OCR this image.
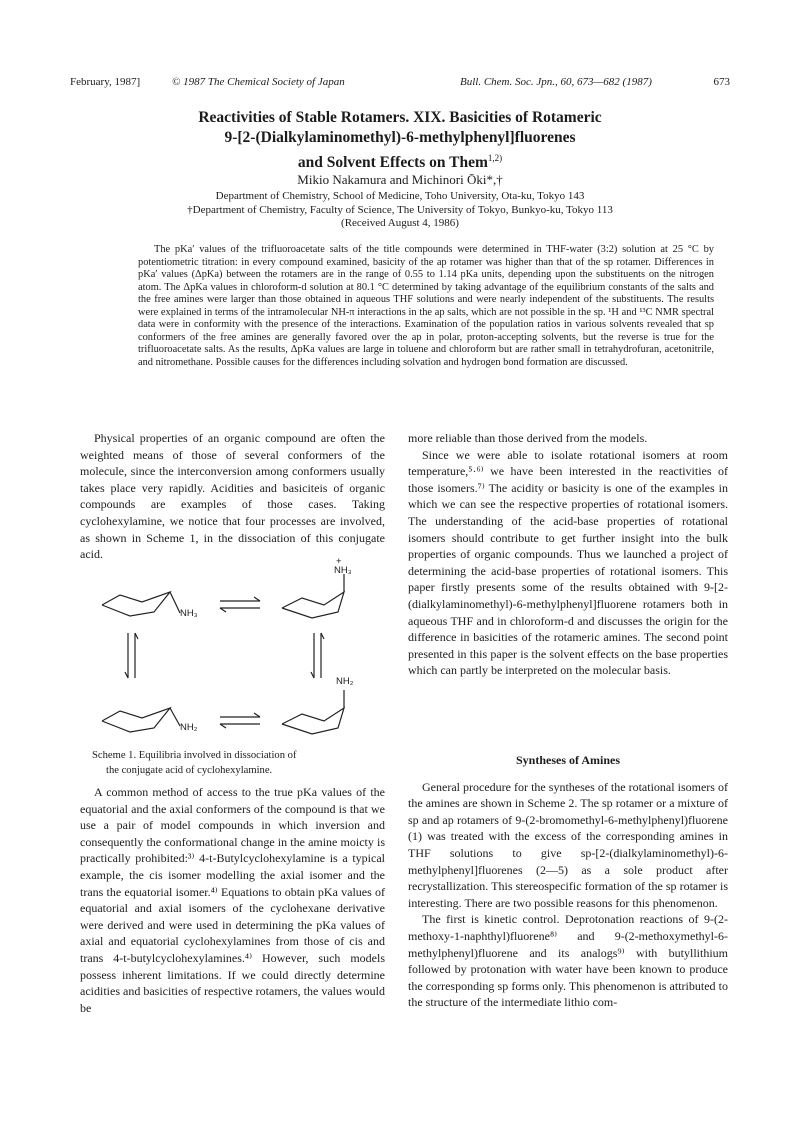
February, 1987]	© 1987 The Chemical Society of Japan	Bull. Chem. Soc. Jpn., 60, 673—682 (1987)	673
Reactivities of Stable Rotamers. XIX. Basicities of Rotameric
9-[2-(Dialkylaminomethyl)-6-methylphenyl]fluorenes
and Solvent Effects on Them$^{1,2)}$
Mikio Nakamura and Michinori Ōki*,†
Department of Chemistry, School of Medicine, Toho University, Ota-ku, Tokyo 143
†Department of Chemistry, Faculty of Science, The University of Tokyo, Bunkyo-ku, Tokyo 113
(Received August 4, 1986)
The pKa′ values of the trifluoroacetate salts of the title compounds were determined in THF-water (3:2) solution at 25 °C by potentiometric titration: in every compound examined, basicity of the ap rotamer was higher than that of the sp rotamer. Differences in pKa′ values (ΔpKa) between the rotamers are in the range of 0.55 to 1.14 pKa units, depending upon the substituents on the nitrogen atom. The ΔpKa values in chloroform-d solution at 80.1 °C determined by taking advantage of the equilibrium constants of the salts and the free amines were larger than those obtained in aqueous THF solutions and were nearly independent of the substituents. The results were explained in terms of the intramolecular NH-π interactions in the ap salts, which are not possible in the sp. ¹H and ¹³C NMR spectral data were in conformity with the presence of the interactions. Examination of the population ratios in various solvents revealed that sp conformers of the free amines are generally favored over the ap in polar, proton-accepting solvents, but the reverse is true for the trifluoroacetate salts. As the results, ΔpKa values are large in toluene and chloroform but are rather small in tetrahydrofuran, acetonitrile, and nitromethane. Possible causes for the differences including solvation and hydrogen bond formation are discussed.

Physical properties of an organic compound are often the weighted means of those of several conformers of the molecule, since the interconversion among conformers usually takes place very rapidly. Acidities and basiciteis of organic compounds are examples of those cases. Taking cyclohexylamine, we notice that four processes are involved, as shown in Scheme 1, in the dissociation of this conjugate acid.

NH₃
+
NH₃
NH₂
NH₂
Scheme 1. Equilibria involved in dissociation of
the conjugate acid of cyclohexylamine.

A common method of access to the true pKa values of the equatorial and the axial conformers of the compound is that we use a pair of model compounds in which inversion and consequently the conformational change in the amine moicty is practically prohibited:³⁾ 4-t-Butylcyclohexylamine is a typical example, the cis isomer modelling the axial isomer and the trans the equatorial isomer.⁴⁾ Equations to obtain pKa values of equatorial and axial isomers of the cyclohexane derivative were derived and were used in determining the pKa values of axial and equatorial cyclohexylamines from those of cis and trans 4-t-butylcyclohexylamines.⁴⁾ However, such models possess inherent limitations. If we could directly determine acidities and basicities of respective rotamers, the values would be

more reliable than those derived from the models.

Since we were able to isolate rotational isomers at room temperature,⁵·⁶⁾ we have been interested in the reactivities of those isomers.⁷⁾ The acidity or basicity is one of the examples in which we can see the respective properties of rotational isomers. The understanding of the acid-base properties of rotational isomers should contribute to get further insight into the bulk properties of organic compounds. Thus we launched a project of determining the acid-base properties of rotational isomers. This paper firstly presents some of the results obtained with 9-[2-(dialkylaminomethyl)-6-methylphenyl]fluorene rotamers both in aqueous THF and in chloroform-d and discusses the origin for the difference in basicities of the rotameric amines. The second point presented in this paper is the solvent effects on the base properties which can partly be interpreted on the molecular basis.

Syntheses of Amines

General procedure for the syntheses of the rotational isomers of the amines are shown in Scheme 2. The sp rotamer or a mixture of sp and ap rotamers of 9-(2-bromomethyl-6-methylphenyl)fluorene (1) was treated with the excess of the corresponding amines in THF solutions to give sp-[2-(dialkylaminomethyl)-6-methylphenyl]fluorenes (2—5) as a sole product after recrystallization. This stereospecific formation of the sp rotamer is interesting. There are two possible reasons for this phenomenon.

The first is kinetic control. Deprotonation reactions of 9-(2-methoxy-1-naphthyl)fluorene⁸⁾ and 9-(2-methoxymethyl-6-methylphenyl)fluorene and its analogs⁹⁾ with butyllithium followed by protonation with water have been known to produce the corresponding sp forms only. This phenomenon is attributed to the structure of the intermediate lithio com-
